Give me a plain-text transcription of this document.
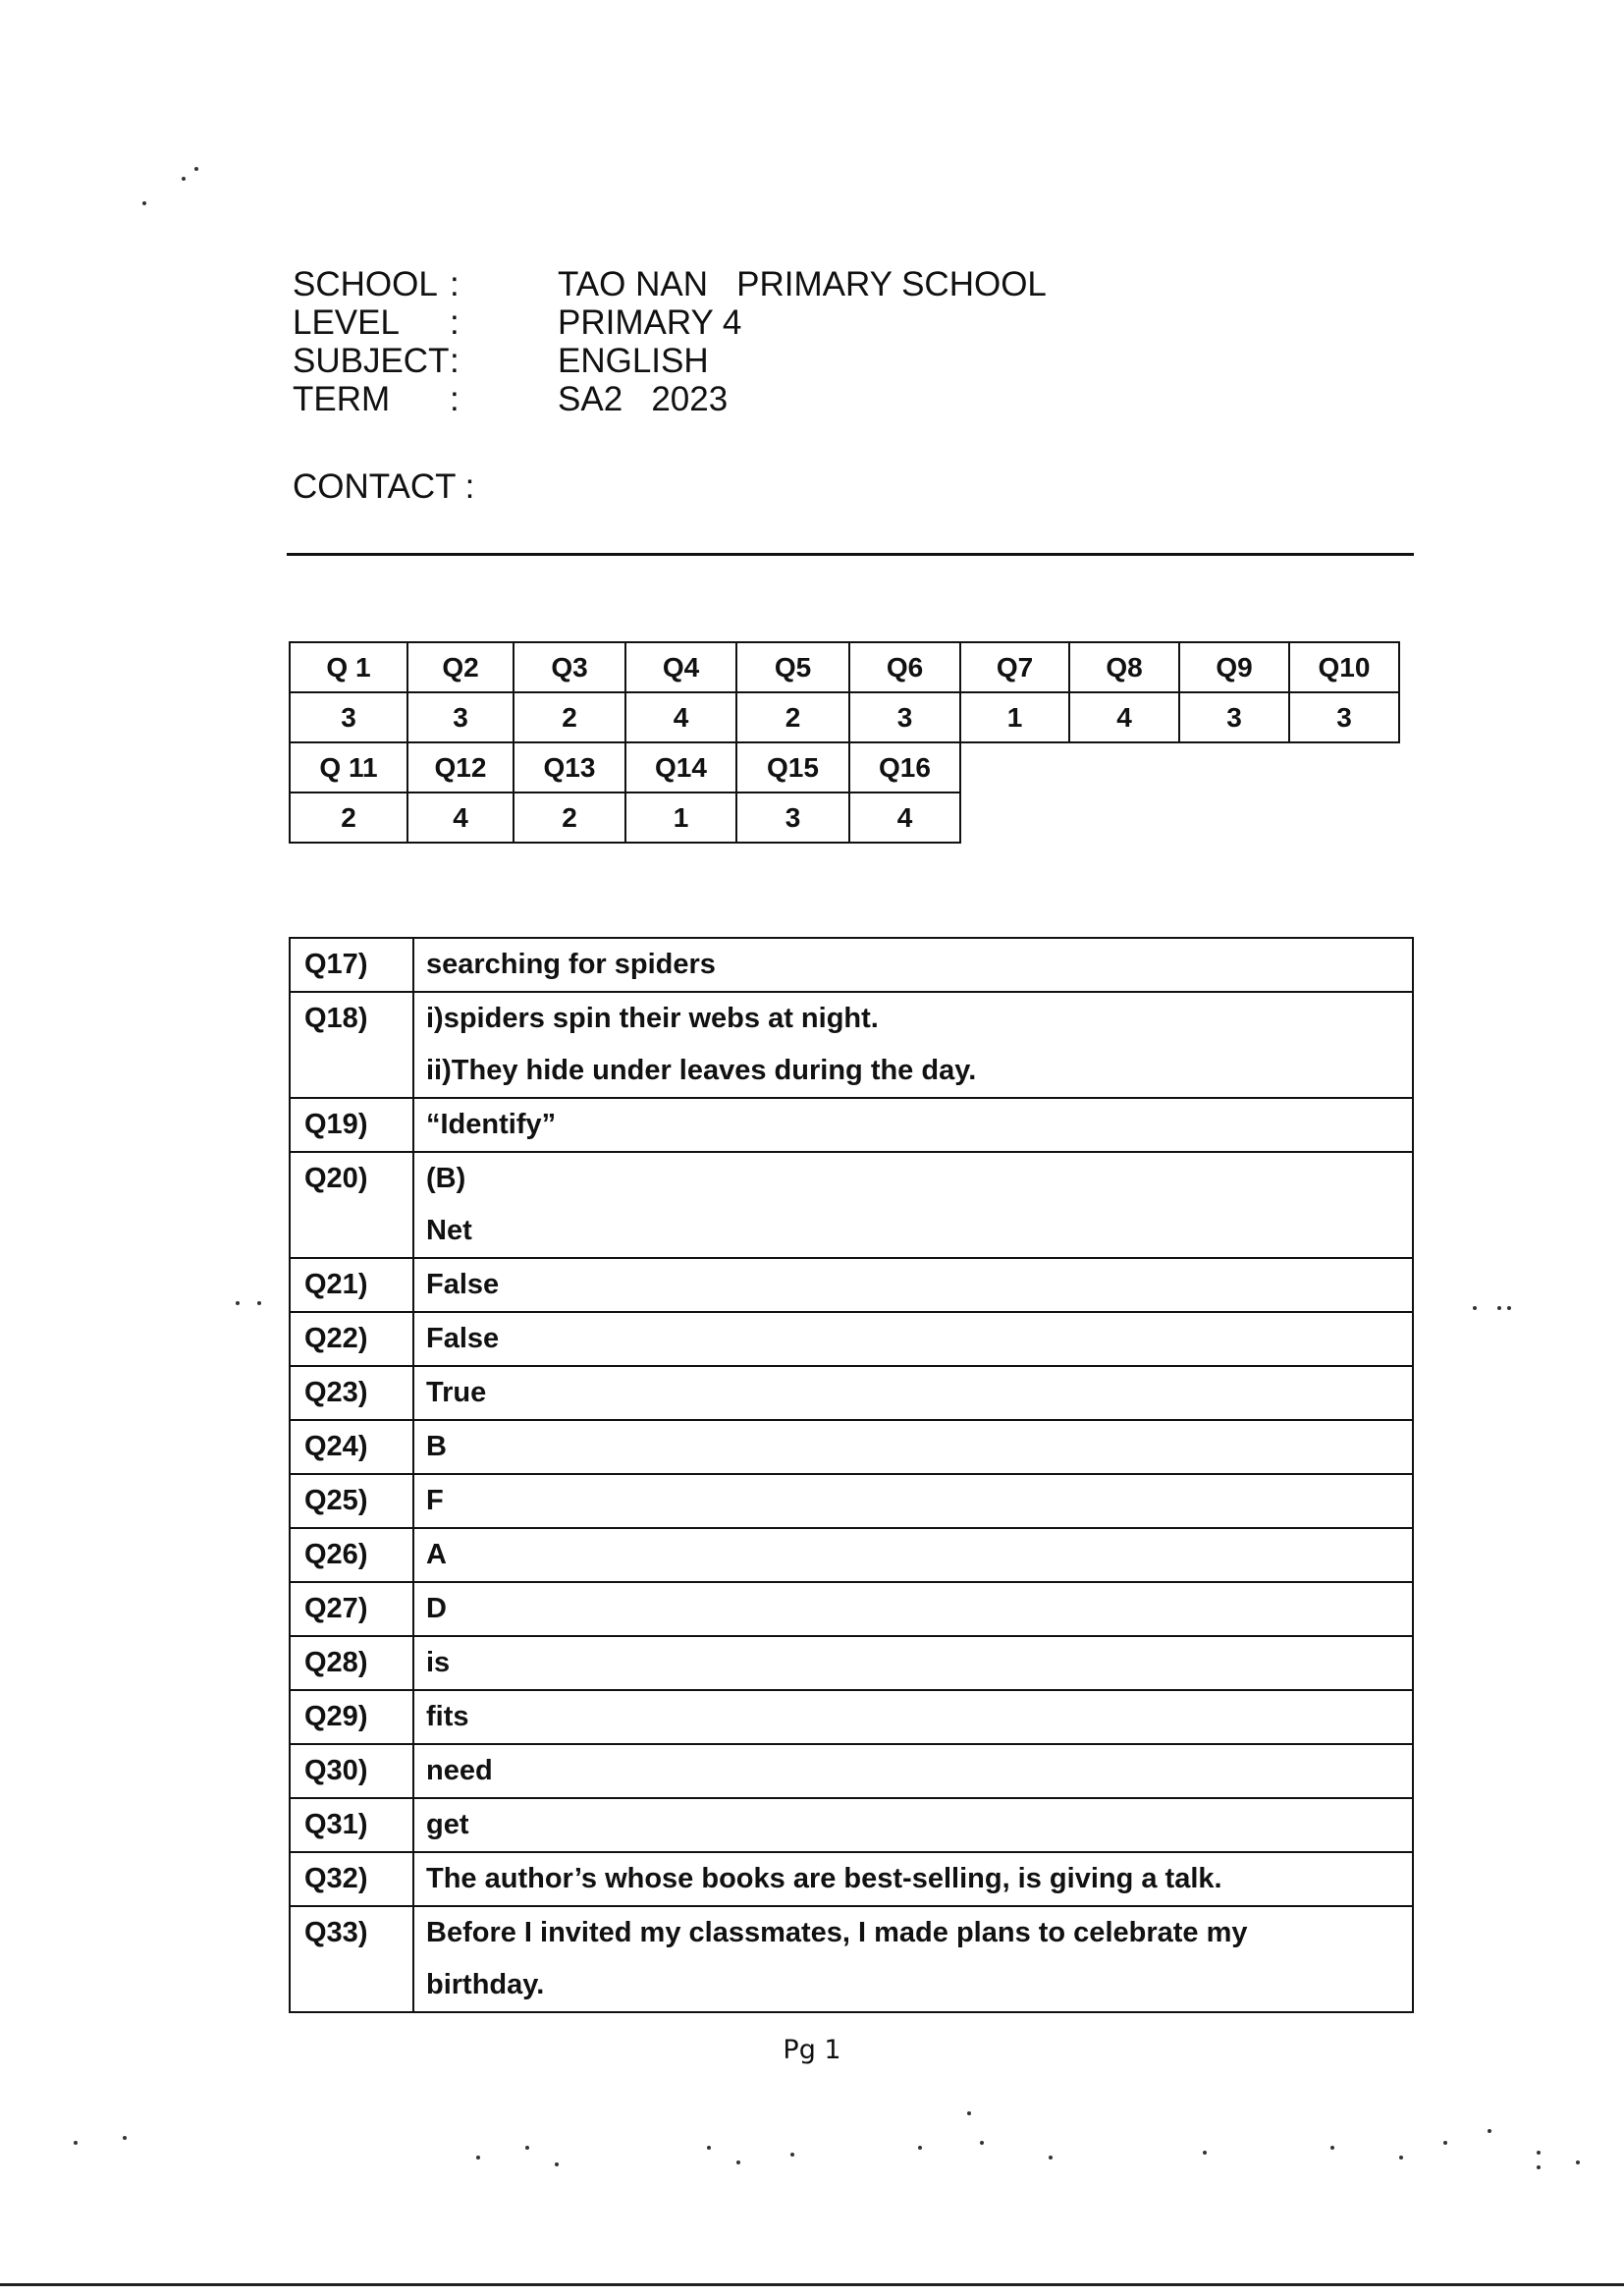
SCHOOL :	TAO NAN   PRIMARY SCHOOL
LEVEL	:	PRIMARY 4
SUBJECT :	ENGLISH
TERM	:	SA2   2023
CONTACT :
Q 1	Q2	Q3	Q4	Q5	Q6	Q7	Q8	Q9	Q10
3	3	2	4	2	3	1	4	3	3
Q 11	Q12	Q13	Q14	Q15	Q16
2	4	2	1	3	4
Q17)	searching for spiders

Q18)	i)spiders spin their webs at night.
ii)They hide under leaves during the day.

Q19)	“Identify”

Q20)	(B)
Net

Q21)	False

Q22)	False

Q23)	True

Q24)	B

Q25)	F

Q26)	A

Q27)	D

Q28)	is

Q29)	fits

Q30)	need

Q31)	get

Q32)	The author’s whose books are best-selling, is giving a talk.

Q33)	Before I invited my classmates, I made plans to celebrate my
birthday.
Pg 1
